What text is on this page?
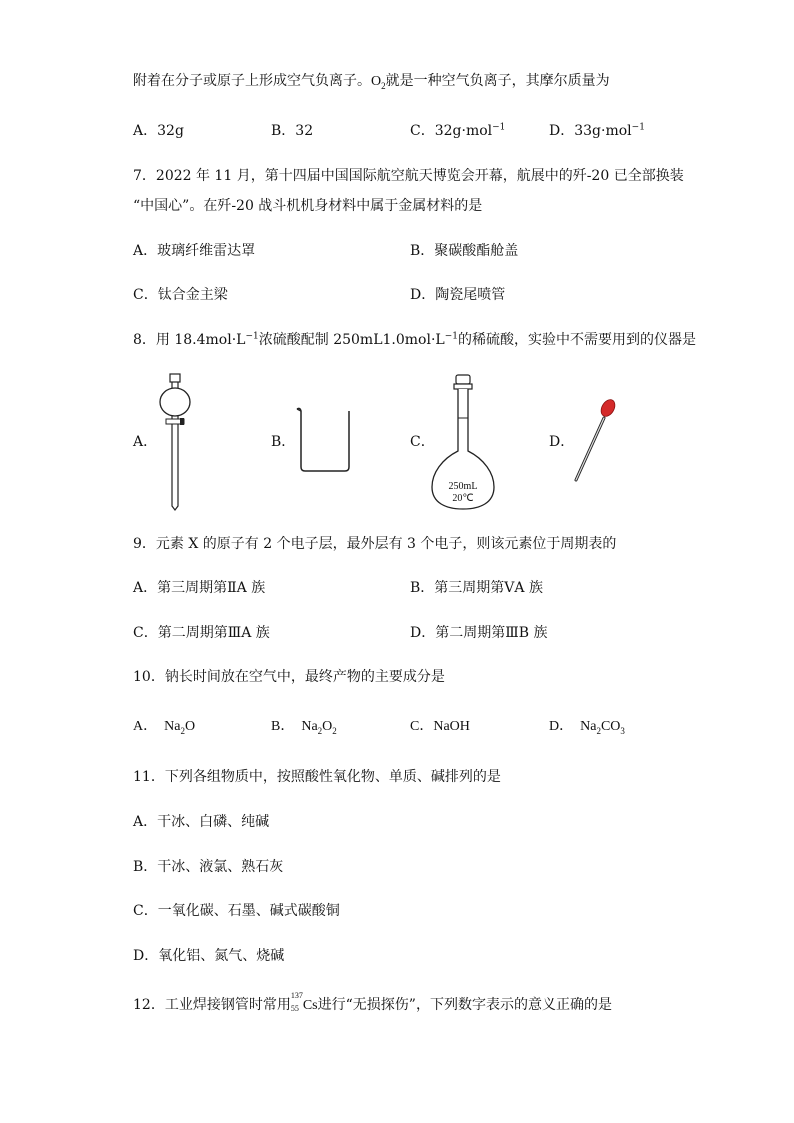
附着在分子或原子上形成空气负离子。$O_2$就是一种空气负离子，其摩尔质量为
A．32g	B．32	C．32g·mol$^{-1}$	D．33g·mol$^{-1}$
7．2022 年 11 月，第十四届中国国际航空航天博览会开幕，航展中的歼-20 已全部换装
“中国心”。在歼-20 战斗机机身材料中属于金属材料的是
A．玻璃纤维雷达罩	B．聚碳酸酯舱盖
C．钛合金主梁	D．陶瓷尾喷管
8．用 $18.4mol\cdot L^{-1}$浓硫酸配制 $250mL1.0mol\cdot L^{-1}$的稀硫酸，实验中不需要用到的仪器是
A．	B．	C．	D．
250mL
20℃
9．元素 X 的原子有 2 个电子层，最外层有 3 个电子，则该元素位于周期表的
A．第三周期第ⅡA 族	B．第三周期第ⅤA 族
C．第二周期第ⅢA 族	D．第二周期第ⅢB 族
10．钠长时间放在空气中，最终产物的主要成分是
A．  $Na_2O$	B．  $Na_2O_2$	C．NaOH	D．  $Na_2CO_3$
11．下列各组物质中，按照酸性氧化物、单质、碱排列的是
A．干冰、白磷、纯碱
B．干冰、液氯、熟石灰
C．一氧化碳、石墨、碱式碳酸铜
D．氧化铝、氮气、烧碱
12．工业焊接钢管时常用
137
55 Cs进行“无损探伤”，下列数字表示的意义正确的是
